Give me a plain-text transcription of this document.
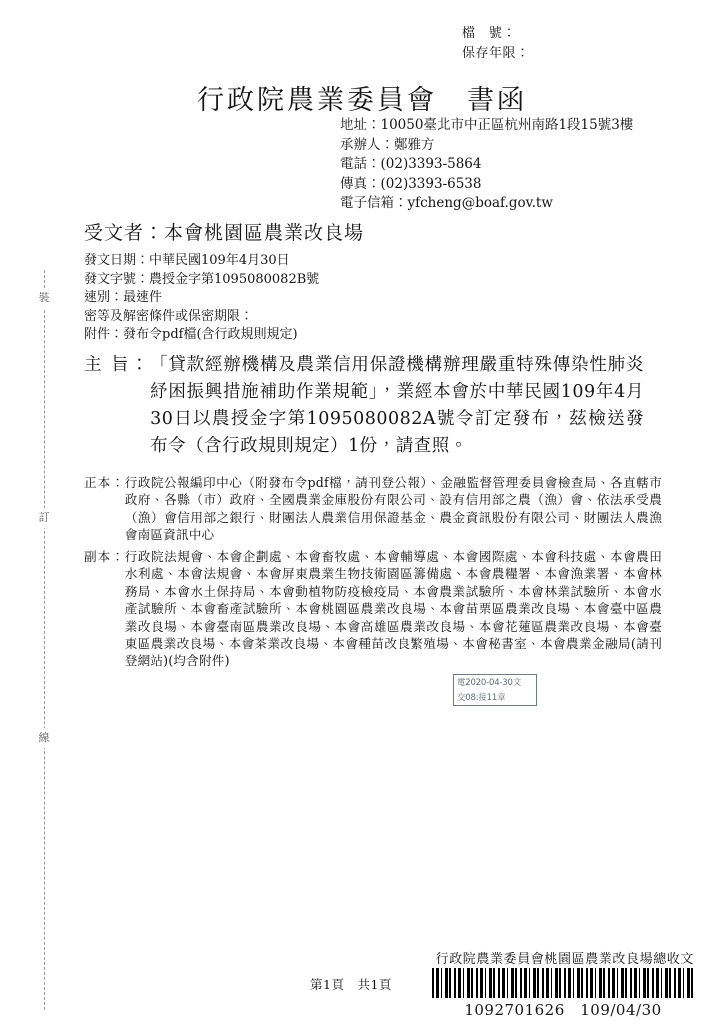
裝
訂
線
檔　號：
保存年限：
行政院農業委員會　書函
地址：10050臺北市中正區杭州南路1段15號3樓
承辦人：鄭雅方
電話：(02)3393-5864
傳真：(02)3393-6538
電子信箱：yfcheng@boaf.gov.tw
受文者：本會桃園區農業改良場
發文日期：中華民國109年4月30日
發文字號：農授金字第1095080082B號
速別：最速件
密等及解密條件或保密期限：
附件：發布令pdf檔(含行政規則規定)
主 旨： 「貸款經辦機構及農業信用保證機構辦理嚴重特殊傳染性肺炎紓困振興措施補助作業規範」，業經本會於中華民國109年4月30日以農授金字第1095080082A號令訂定發布，茲檢送發布令（含行政規則規定）1份，請查照。
正本： 行政院公報編印中心（附發布令pdf檔，請刊登公報）、金融監督管理委員會檢查局、各直轄市政府、各縣（市）政府、全國農業金庫股份有限公司、設有信用部之農（漁）會、依法承受農（漁）會信用部之銀行、財團法人農業信用保證基金、農金資訊股份有限公司、財團法人農漁會南區資訊中心
副本： 行政院法規會、本會企劃處、本會畜牧處、本會輔導處、本會國際處、本會科技處、本會農田水利處、本會法規會、本會屏東農業生物技術園區籌備處、本會農糧署、本會漁業署、本會林務局、本會水土保持局、本會動植物防疫檢疫局、本會農業試驗所、本會林業試驗所、本會水產試驗所、本會畜產試驗所、本會桃園區農業改良場、本會苗栗區農業改良場、本會臺中區農業改良場、本會臺南區農業改良場、本會高雄區農業改良場、本會花蓮區農業改良場、本會臺東區農業改良場、本會茶業改良場、本會種苗改良繁殖場、本會秘書室、本會農業金融局(請刊登網站)(均含附件)
電2020-04-30文
交08:接11章
行政院農業委員會桃園區農業改良場總收文
第1頁　共1頁
1092701626　109/04/30
